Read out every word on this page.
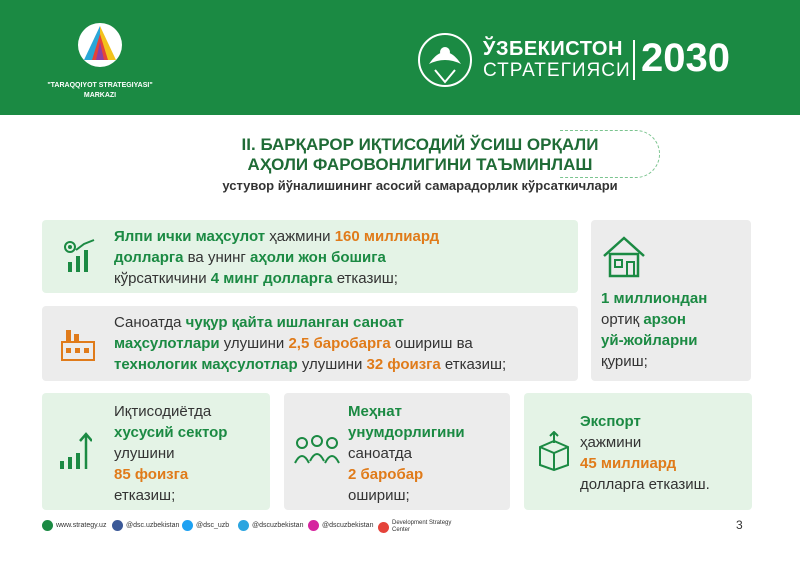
"TARAQQIYOT STRATEGIYASI" MARKAZI
ЎЗБЕКИСТОН
СТРАТЕГИЯСИ 2030
II. БАРҚАРОР ИҚТИСОДИЙ ЎСИШ ОРҚАЛИ
АҲОЛИ ФАРОВОНЛИГИНИ ТАЪМИНЛАШ
устувор йўналишининг асосий самарадорлик кўрсаткичлари
Ялпи ички маҳсулот ҳажмини 160 миллиард
долларга ва унинг аҳоли жон бошига
кўрсаткичини 4 минг долларга етказиш;
Саноатда чуқур қайта ишланган саноат
маҳсулотлари улушини 2,5 баробарга ошириш ва
технологик маҳсулотлар улушини 32 фоизга етказиш;
1 миллиондан
ортиқ арзон
уй-жойларни
қуриш;
Иқтисодиётда
хусусий сектор
улушини
85 фоизга
етказиш;
Меҳнат
унумдорлигини
саноатда
2 баробар
ошириш;
Экспорт
ҳажмини
45 миллиард
долларга етказиш.
www.strategy.uz	@dsc.uzbekistan @dsc_uzb	@dscuzbekistan	@dscuzbekistan	Development Strategy Center	3
